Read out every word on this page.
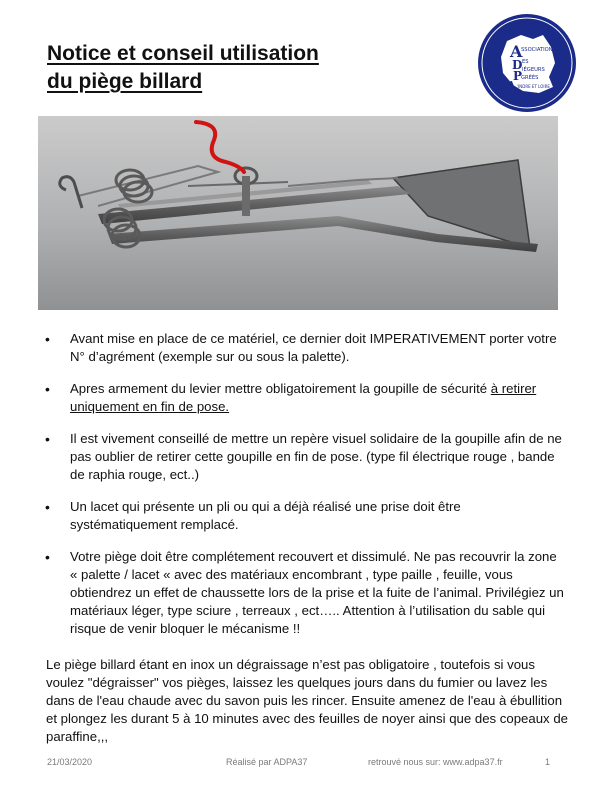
Notice et conseil utilisation
du piège billard
A
D
P
A
SSOCIATION
ES
IÉGEURS
GRÉÉS
'INDRE ET LOIRE
• Avant mise en place de ce matériel, ce dernier doit IMPERATIVEMENT porter votre N° d’agrément (exemple sur ou sous la palette).
• Apres armement du levier mettre obligatoirement la goupille de sécurité à retirer uniquement en fin de pose.
• Il est vivement conseillé de mettre un repère visuel solidaire de la goupille afin de ne pas oublier de retirer cette goupille en fin de pose. (type fil électrique rouge , bande de raphia rouge, ect..)
• Un lacet qui présente un pli ou qui a déjà réalisé une prise doit être systématiquement remplacé.
• Votre piège doit être complétement recouvert et dissimulé. Ne pas recouvrir la zone « palette / lacet « avec des matériaux encombrant , type paille , feuille, vous obtiendrez un effet de chaussette lors de la prise et la fuite de l’animal. Privilégiez un matériaux léger, type sciure , terreaux , ect….. Attention à l’utilisation du sable qui risque de venir bloquer le mécanisme !!

Le piège billard étant en inox un dégraissage n’est pas obligatoire , toutefois si vous voulez "dégraisser" vos pièges, laissez les quelques jours dans du fumier ou lavez les dans de l'eau chaude avec du savon puis les rincer. Ensuite amenez de l'eau à ébullition et plongez les durant 5 à 10 minutes avec des feuilles de noyer ainsi que des copeaux de paraffine,,,

21/03/2020	Réalisé par ADPA37	retrouvé nous sur: www.adpa37.fr	1
